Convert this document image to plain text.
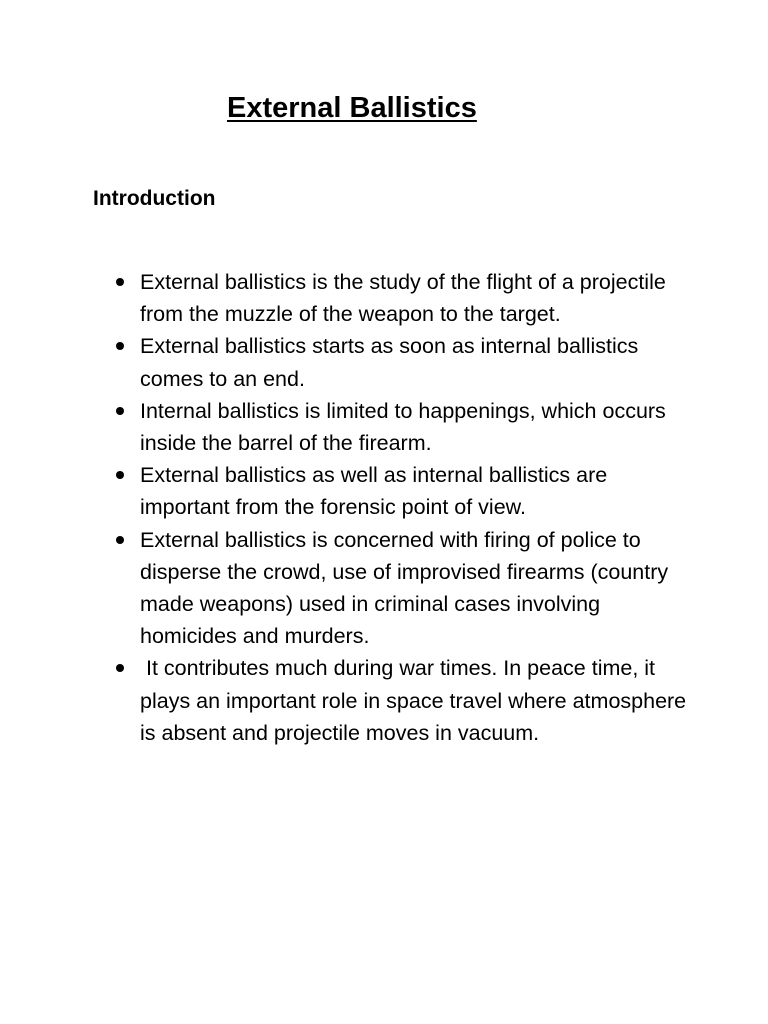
External Ballistics
Introduction
External ballistics is the study of the flight of a projectile from the muzzle of the weapon to the target.
External ballistics starts as soon as internal ballistics comes to an end.
Internal ballistics is limited to happenings, which occurs inside the barrel of the firearm.
External ballistics as well as internal ballistics are important from the forensic point of view.
External ballistics is concerned with firing of police to disperse the crowd, use of improvised firearms (country made weapons) used in criminal cases involving homicides and murders.
It contributes much during war times. In peace time, it plays an important role in space travel where atmosphere is absent and projectile moves in vacuum.
